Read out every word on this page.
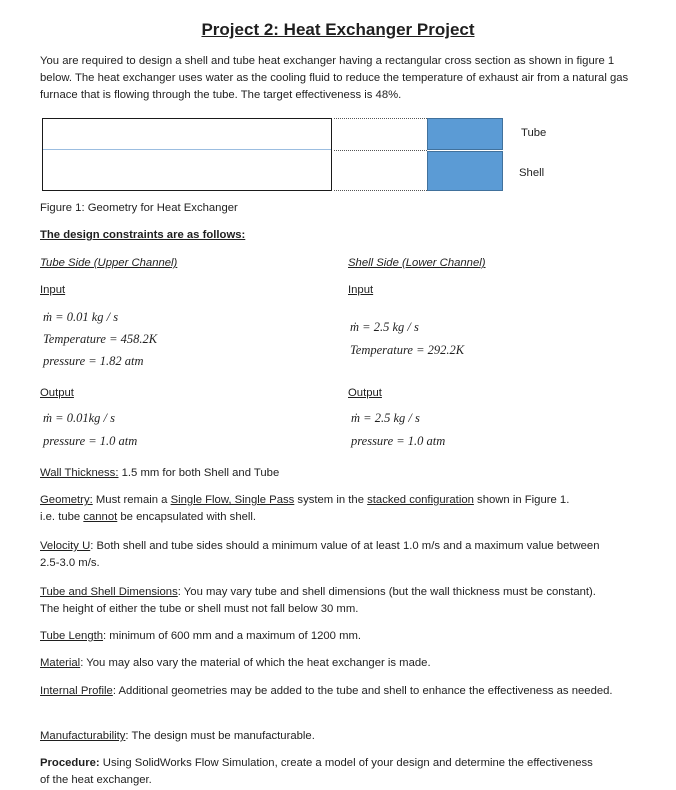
Project 2: Heat Exchanger Project
You are required to design a shell and tube heat exchanger having a rectangular cross section as shown in figure 1 below. The heat exchanger uses water as the cooling fluid to reduce the temperature of exhaust air from a natural gas furnace that is flowing through the tube. The target effectiveness is 48%.
Tube
Shell
Figure 1: Geometry for Heat Exchanger
The design constraints are as follows:
Tube Side (Upper Channel)
Input
ṁ = 0.01 kg / s
Temperature = 458.2K
pressure = 1.82 atm
Output
ṁ = 0.01kg / s
pressure = 1.0 atm
Shell Side (Lower Channel)
Input
ṁ = 2.5 kg / s
Temperature = 292.2K
Output
ṁ = 2.5 kg / s
pressure = 1.0 atm
Wall Thickness: 1.5 mm for both Shell and Tube
Geometry: Must remain a Single Flow, Single Pass system in the stacked configuration shown in Figure 1.
i.e. tube cannot be encapsulated with shell.
Velocity U: Both shell and tube sides should a minimum value of at least 1.0 m/s and a maximum value between 2.5-3.0 m/s.
Tube and Shell Dimensions: You may vary tube and shell dimensions (but the wall thickness must be constant). The height of either the tube or shell must not fall below 30 mm.
Tube Length: minimum of 600 mm and a maximum of 1200 mm.
Material: You may also vary the material of which the heat exchanger is made.
Internal Profile: Additional geometries may be added to the tube and shell to enhance the effectiveness as needed.
Manufacturability: The design must be manufacturable.
Procedure: Using SolidWorks Flow Simulation, create a model of your design and determine the effectiveness of the heat exchanger.
